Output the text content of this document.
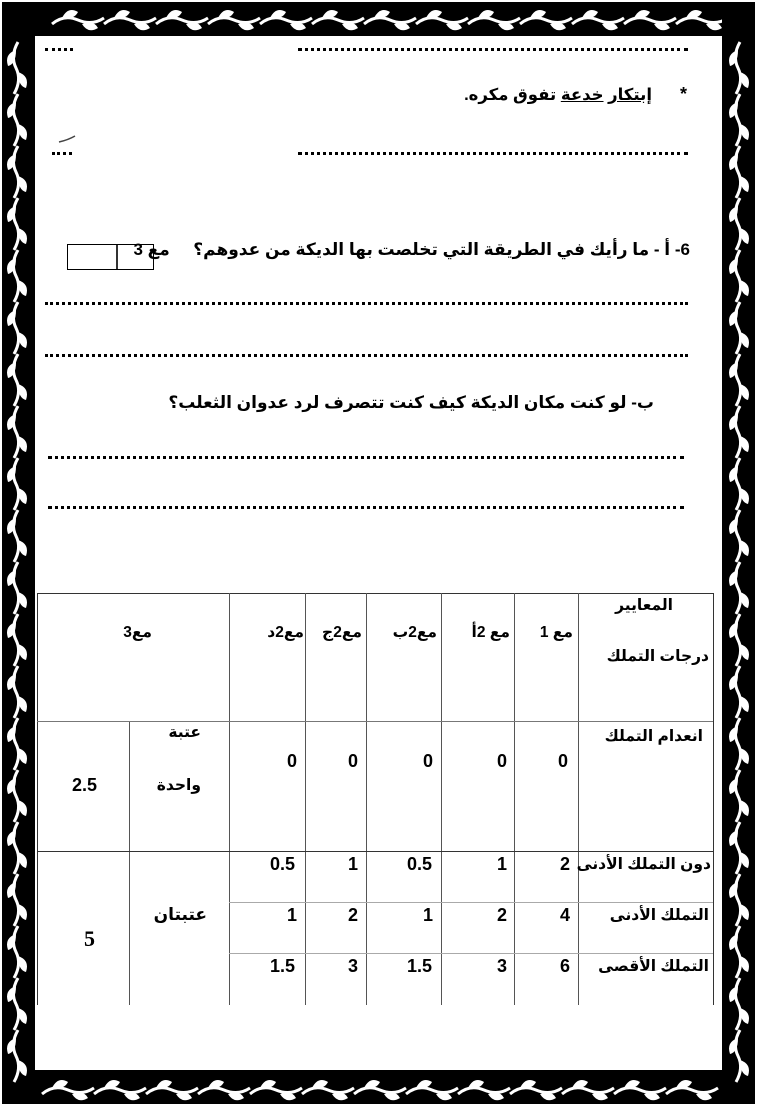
*
إبتكار خدعة تفوق مكره.
6- أ - ما رأيك في الطريقة التي تخلصت بها الديكة من عدوهم؟  مع 3
ب- لو كنت مكان الديكة كيف كنت تتصرف لرد عدوان الثعلب؟
المعايير
درجات التملك
مع 1
مع 2أ
مع2ب
مع2ج
مع2د
مع3
انعدام التملك
0
0
0
0
0
عتبة
واحدة
2.5
دون التملك الأدنى
2
1
0.5
1
0.5
التملك الأدنى
4
2
1
2
1
التملك الأقصى
6
3
1.5
3
1.5
عتبتان
5
